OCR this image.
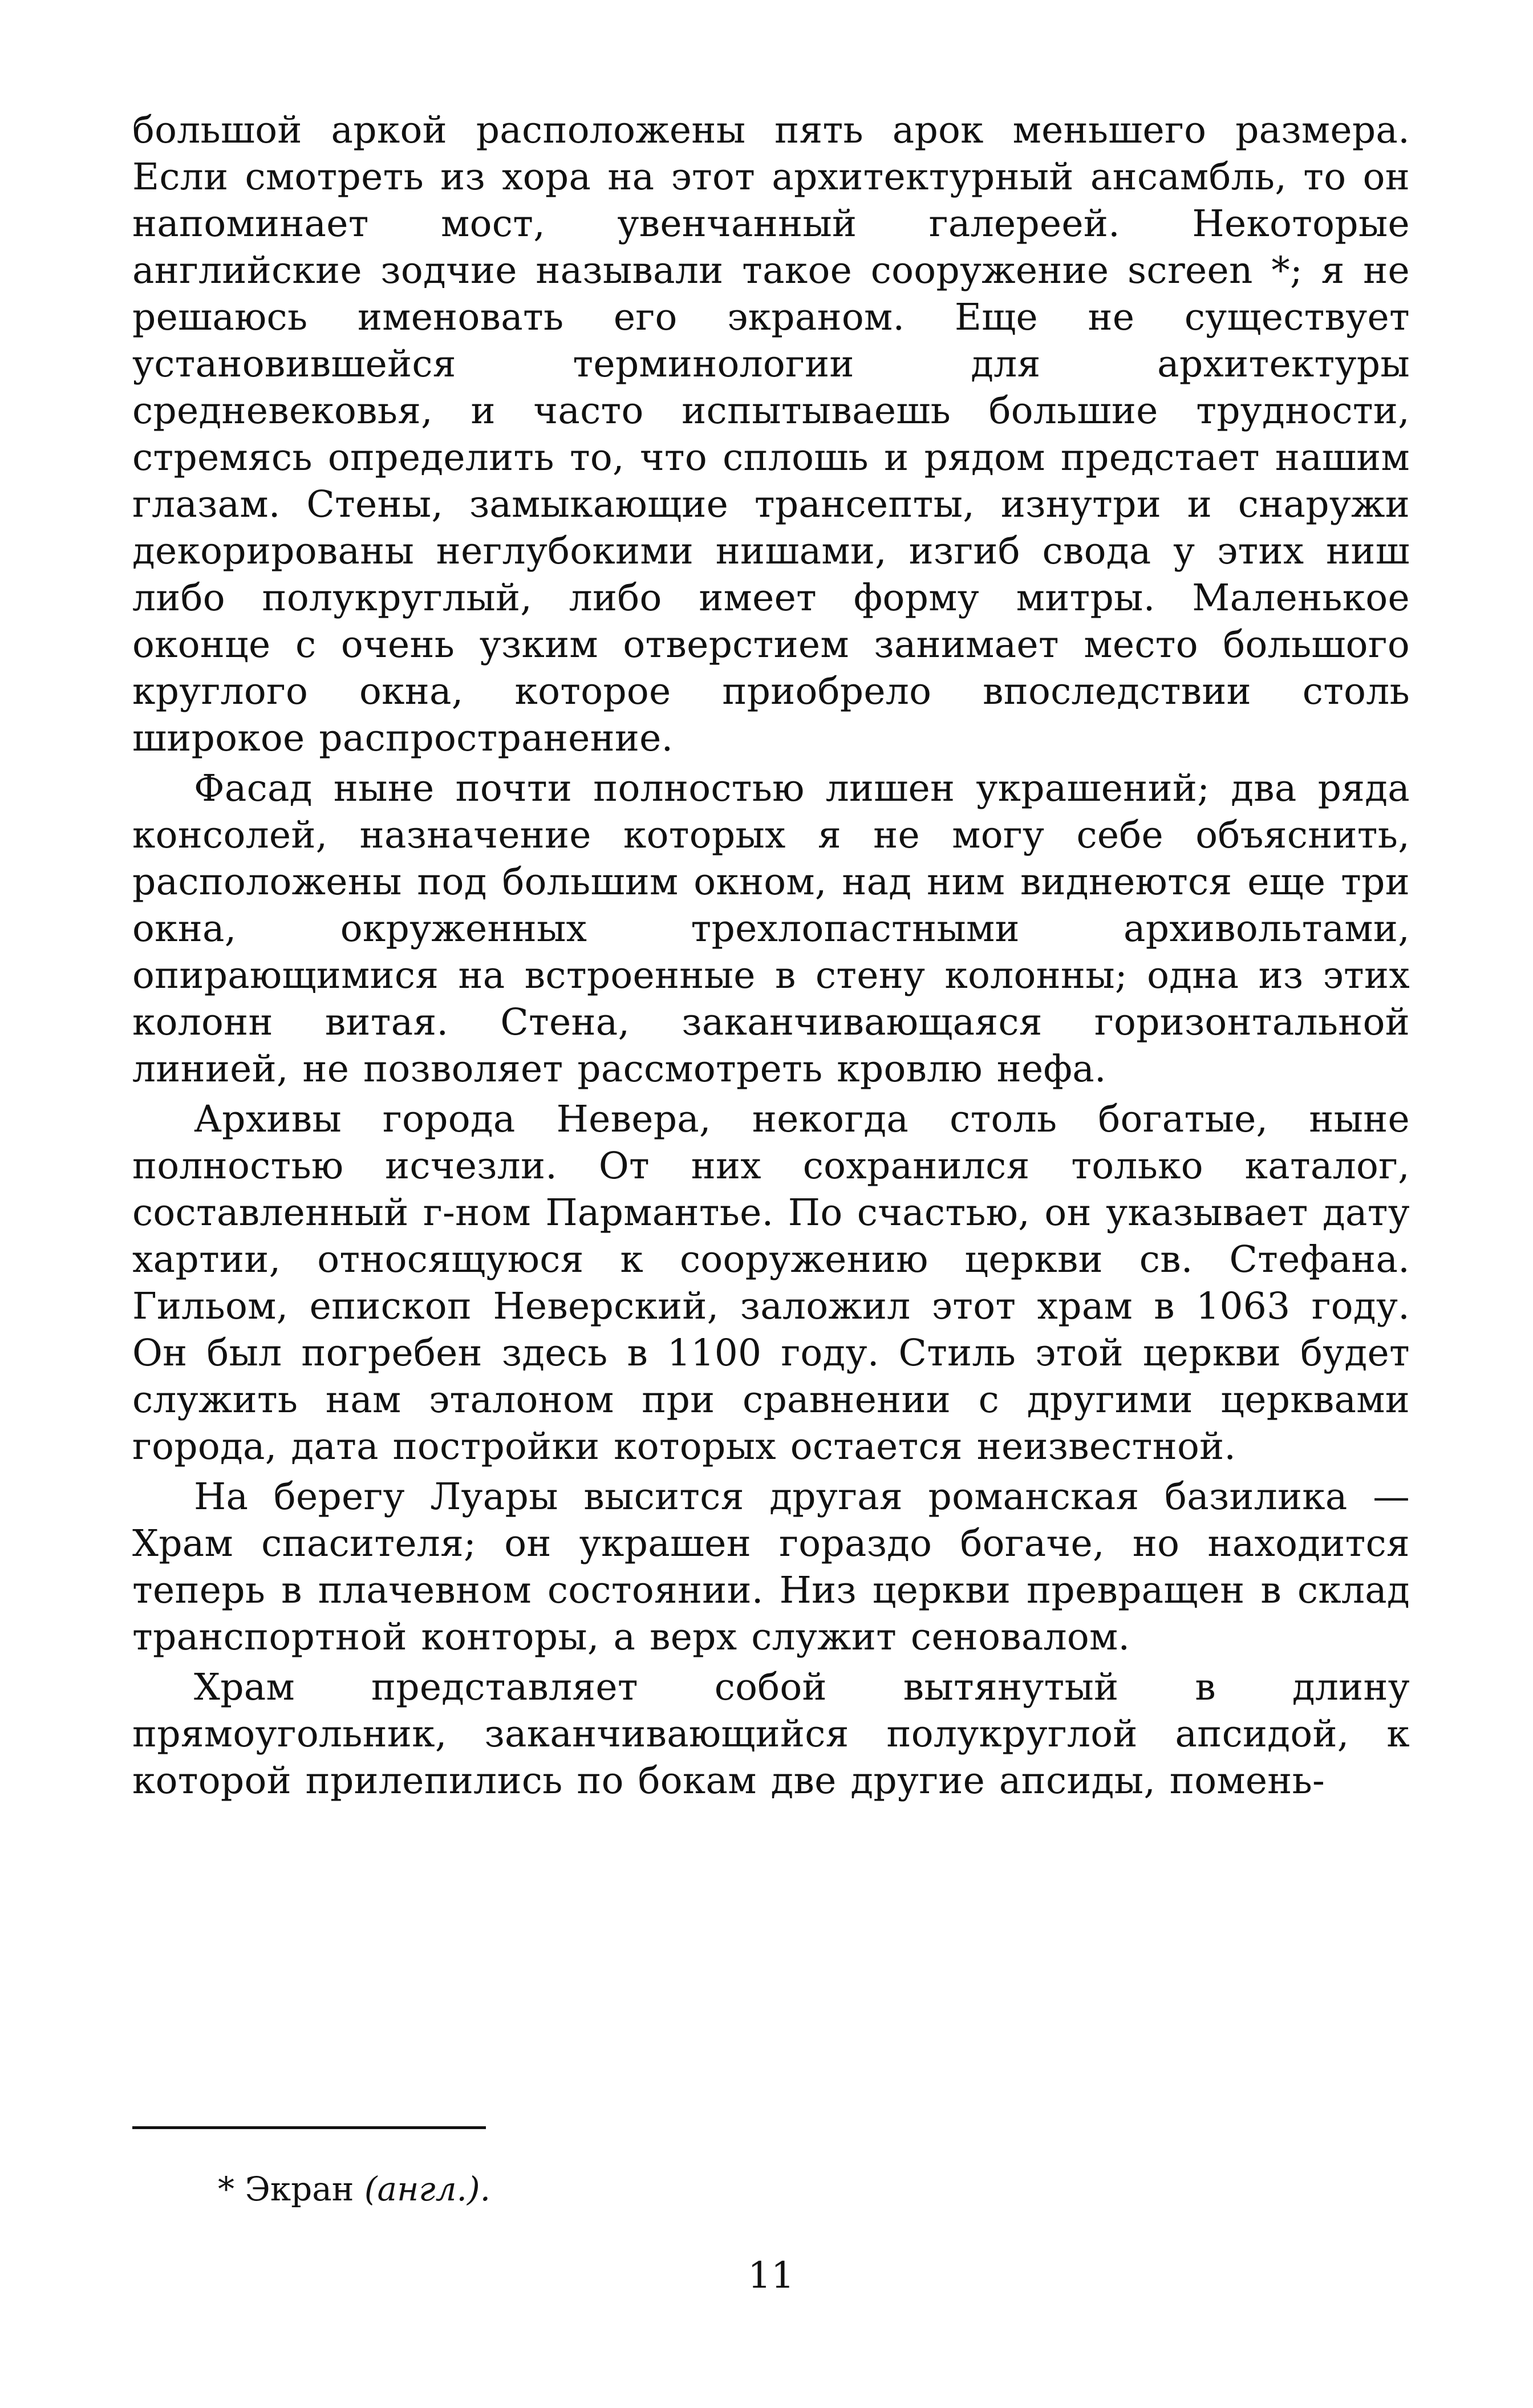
большой аркой расположены пять арок меньшего размера. Если смотреть из хора на этот архитектурный ансамбль, то он напоминает мост, увенчанный галереей. Некоторые английские зодчие называли такое сооружение screen *; я не решаюсь именовать его экраном. Еще не существует установившейся терминологии для архитектуры средневековья, и часто испытываешь большие трудности, стремясь определить то, что сплошь и рядом предстает нашим глазам. Стены, замыкающие трансепты, изнутри и снаружи декорированы неглубокими нишами, изгиб свода у этих ниш либо полукруглый, либо имеет форму митры. Маленькое оконце с очень узким отверстием занимает место большого круглого окна, которое приобрело впоследствии столь широкое распространение.

Фасад ныне почти полностью лишен украшений; два ряда консолей, назначение которых я не могу себе объяснить, расположены под большим окном, над ним виднеются еще три окна, окруженных трехлопастными архивольтами, опирающимися на встроенные в стену колонны; одна из этих колонн витая. Стена, заканчивающаяся горизонтальной линией, не позволяет рассмотреть кровлю нефа.

Архивы города Невера, некогда столь богатые, ныне полностью исчезли. От них сохранился только каталог, составленный г-ном Пармантье. По счастью, он указывает дату хартии, относящуюся к сооружению церкви св. Стефана. Гильом, епископ Неверский, заложил этот храм в 1063 году. Он был погребен здесь в 1100 году. Стиль этой церкви будет служить нам эталоном при сравнении с другими церквами города, дата постройки которых остается неизвестной.

На берегу Луары высится другая романская базилика — Храм спасителя; он украшен гораздо богаче, но находится теперь в плачевном состоянии. Низ церкви превращен в склад транспортной конторы, а верх служит сеновалом.

Храм представляет собой вытянутый в длину прямоугольник, заканчивающийся полукруглой апсидой, к которой прилепились по бокам две другие апсиды, помень-

* Экран (англ.).

11
